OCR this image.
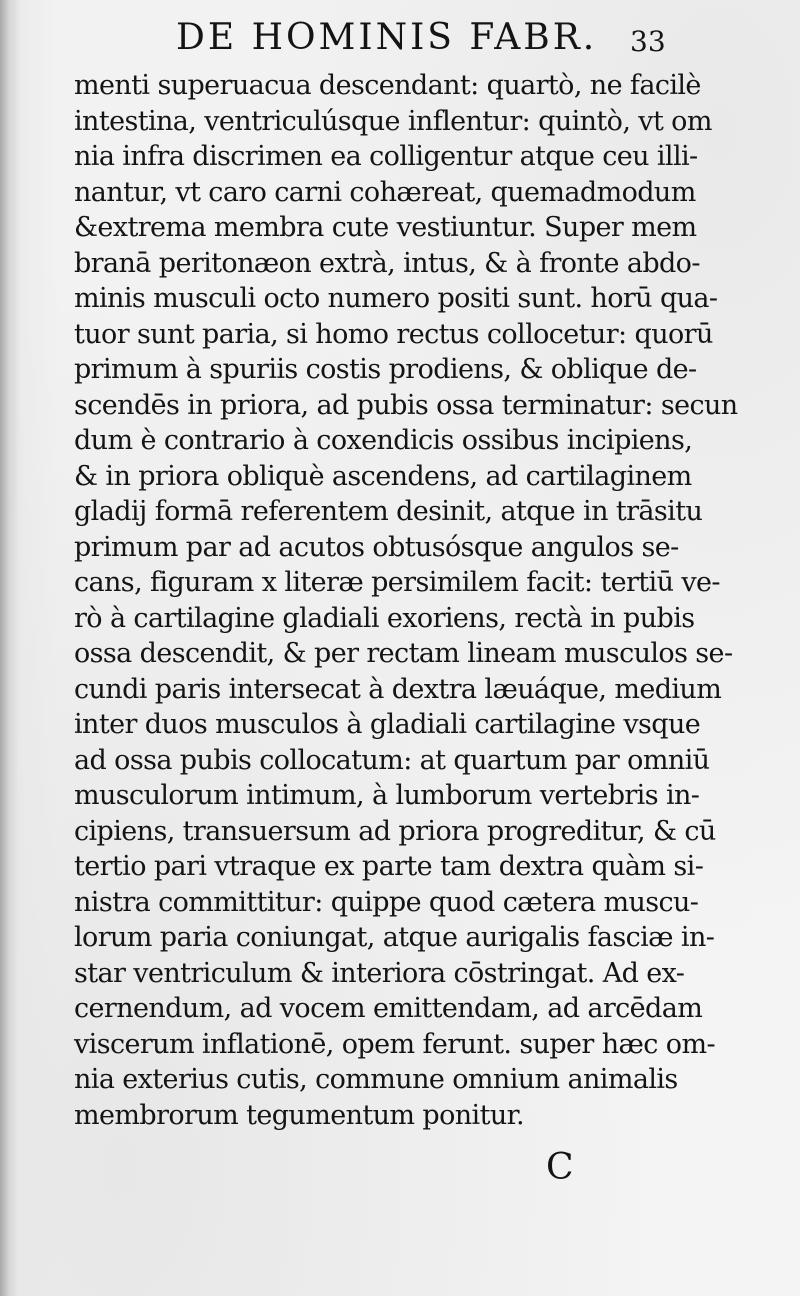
DE HOMINIS FABR.	33
menti superuacua descendant: quartò, ne facilè
intestina, ventriculúsque inflentur: quintò, vt om
nia infra discrimen ea colligentur atque ceu illi-
nantur, vt caro carni cohæreat, quemadmodum
&extrema membra cute vestiuntur. Super mem
branā peritonæon extrà, intus, & à fronte abdo-
minis musculi octo numero positi sunt. horū qua-
tuor sunt paria, si homo rectus collocetur: quorū
primum à spuriis costis prodiens, & oblique de-
scendēs in priora, ad pubis ossa terminatur: secun
dum è contrario à coxendicis ossibus incipiens,
& in priora obliquè ascendens, ad cartilaginem
gladij formā referentem desinit, atque in trāsitu
primum par ad acutos obtusósque angulos se-
cans, figuram x literæ persimilem facit: tertiū ve-
rò à cartilagine gladiali exoriens, rectà in pubis
ossa descendit, & per rectam lineam musculos se-
cundi paris intersecat à dextra læuáque, medium
inter duos musculos à gladiali cartilagine vsque
ad ossa pubis collocatum: at quartum par omniū
musculorum intimum, à lumborum vertebris in-
cipiens, transuersum ad priora progreditur, & cū
tertio pari vtraque ex parte tam dextra quàm si-
nistra committitur: quippe quod cætera muscu-
lorum paria coniungat, atque aurigalis fasciæ in-
star ventriculum & interiora cōstringat. Ad ex-
cernendum, ad vocem emittendam, ad arcēdam
viscerum inflationē, opem ferunt. super hæc om-
nia exterius cutis, commune omnium animalis
membrorum tegumentum ponitur.
C
